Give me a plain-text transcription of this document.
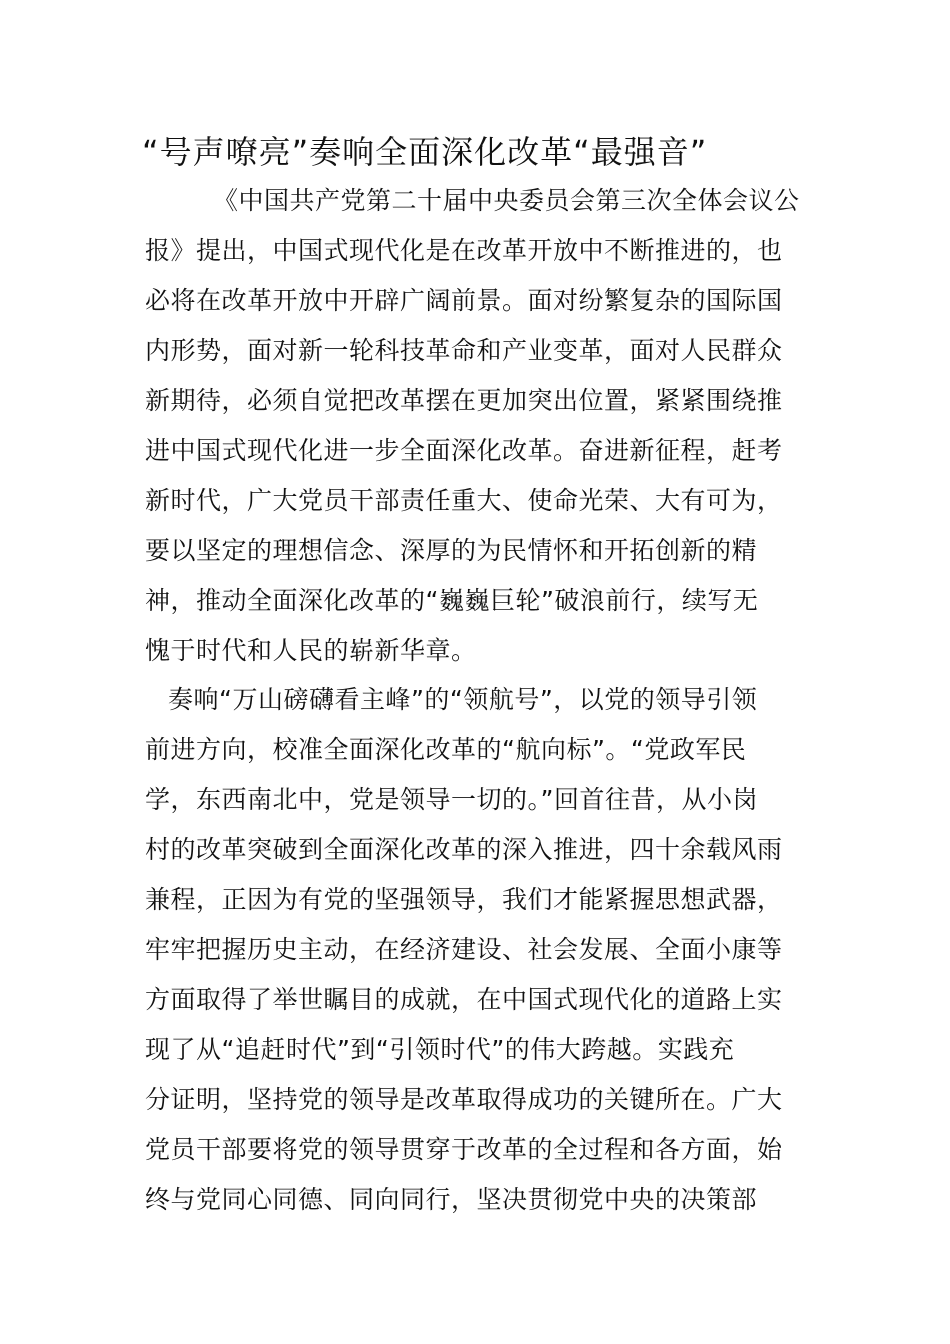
“号声嘹亮”奏响全面深化改革“最强音”

《中国共产党第二十届中央委员会第三次全体会议公

报》提出，中国式现代化是在改革开放中不断推进的，也

必将在改革开放中开辟广阔前景。面对纷繁复杂的国际国

内形势，面对新一轮科技革命和产业变革，面对人民群众

新期待，必须自觉把改革摆在更加突出位置，紧紧围绕推

进中国式现代化进一步全面深化改革。奋进新征程，赶考

新时代，广大党员干部责任重大、使命光荣、大有可为，

要以坚定的理想信念、深厚的为民情怀和开拓创新的精

神，推动全面深化改革的“巍巍巨轮”破浪前行，续写无

愧于时代和人民的崭新华章。

奏响“万山磅礴看主峰”的“领航号”，以党的领导引领

前进方向，校准全面深化改革的“航向标”。“党政军民

学，东西南北中，党是领导一切的。”回首往昔，从小岗

村的改革突破到全面深化改革的深入推进，四十余载风雨

兼程，正因为有党的坚强领导，我们才能紧握思想武器，

牢牢把握历史主动，在经济建设、社会发展、全面小康等

方面取得了举世瞩目的成就，在中国式现代化的道路上实

现了从“追赶时代”到“引领时代”的伟大跨越。实践充

分证明，坚持党的领导是改革取得成功的关键所在。广大

党员干部要将党的领导贯穿于改革的全过程和各方面，始

终与党同心同德、同向同行，坚决贯彻党中央的决策部
